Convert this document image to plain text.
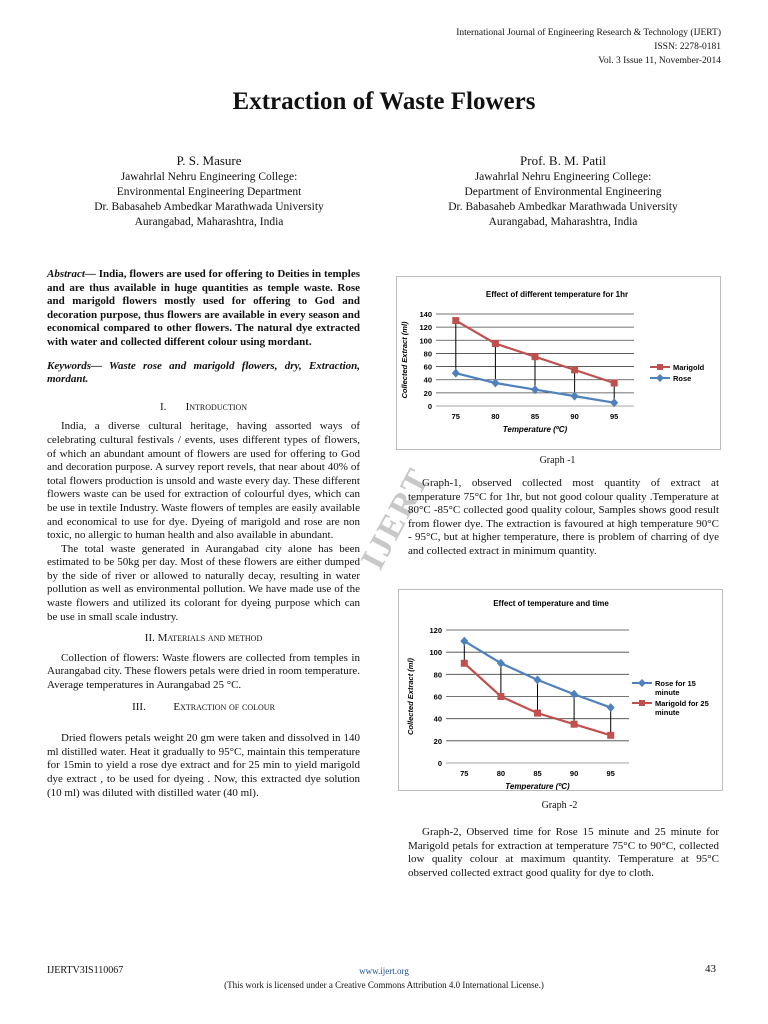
International Journal of Engineering Research & Technology (IJERT)
ISSN: 2278-0181
Vol. 3 Issue 11, November-2014
Extraction of Waste Flowers
P. S. Masure
Jawahrlal Nehru Engineering College:
Environmental Engineering Department
Dr. Babasaheb Ambedkar Marathwada University
Aurangabad, Maharashtra, India
Prof. B. M. Patil
Jawahrlal Nehru Engineering College:
Department of Environmental Engineering
Dr. Babasaheb Ambedkar Marathwada University
Aurangabad, Maharashtra, India

Abstract— India, flowers are used for offering to Deities in temples and are thus available in huge quantities as temple waste. Rose and marigold flowers mostly used for offering to God and decoration purpose, thus flowers are available in every season and economical compared to other flowers. The natural dye extracted with water and collected different colour using mordant.

Keywords— Waste rose and marigold flowers, dry, Extraction, mordant.

I. Introduction

India, a diverse cultural heritage, having assorted ways of celebrating cultural festivals / events, uses different types of flowers, of which an abundant amount of flowers are used for offering to God and decoration purpose. A survey report revels, that near about 40% of total flowers production is unsold and waste every day. These different flowers waste can be used for extraction of colourful dyes, which can be use in textile Industry. Waste flowers of temples are easily available and economical to use for dye. Dyeing of marigold and rose are non toxic, no allergic to human health and also available in abundant.

The total waste generated in Aurangabad city alone has been estimated to be 50kg per day. Most of these flowers are either dumped by the side of river or allowed to naturally decay, resulting in water pollution as well as environmental pollution. We have made use of the waste flowers and utilized its colorant for dyeing purpose which can be use in small scale industry.

II. Materials and method

Collection of flowers: Waste flowers are collected from temples in Aurangabad city. These flowers petals were dried in room temperature. Average temperatures in Aurangabad 25 °C.

III.	Extraction of colour

Dried flowers petals weight 20 gm were taken and dissolved in 140 ml distilled water. Heat it gradually to 95°C, maintain this temperature for 15min to yield a rose dye extract and for 25 min to yield marigold dye extract , to be used for dyeing . Now, this extracted dye solution (10 ml) was diluted with distilled water (40 ml).

IJERT
Effect of different temperature for 1hr
0
20
40
60
80
100
120
140
75	80	85	90	95
Temperature (ºC)
Collected Extract (ml)	Marigold
Rose
Graph -1

Graph-1, observed collected most quantity of extract at temperature 75°C for 1hr, but not good colour quality .Temperature at 80°C -85°C collected good quality colour, Samples shows good result from flower dye. The extraction is favoured at high temperature 90°C - 95°C, but at higher temperature, there is problem of charring of dye and collected extract in minimum quantity.

Effect of temperature and time
0
20
40
60
80
100
120
75	80	85	90	95
Temperature (ºC)
Collected Extract (ml)	Rose for 15
minute
Marigold for 25
minute
Graph -2

Graph-2, Observed time for Rose 15 minute and 25 minute for Marigold petals for extraction at temperature 75°C to 90°C, collected low quality colour at maximum quantity. Temperature at 95°C observed collected extract good quality for dye to cloth.

IJERTV3IS110067	www.ijert.org	43
(This work is licensed under a Creative Commons Attribution 4.0 International License.)
